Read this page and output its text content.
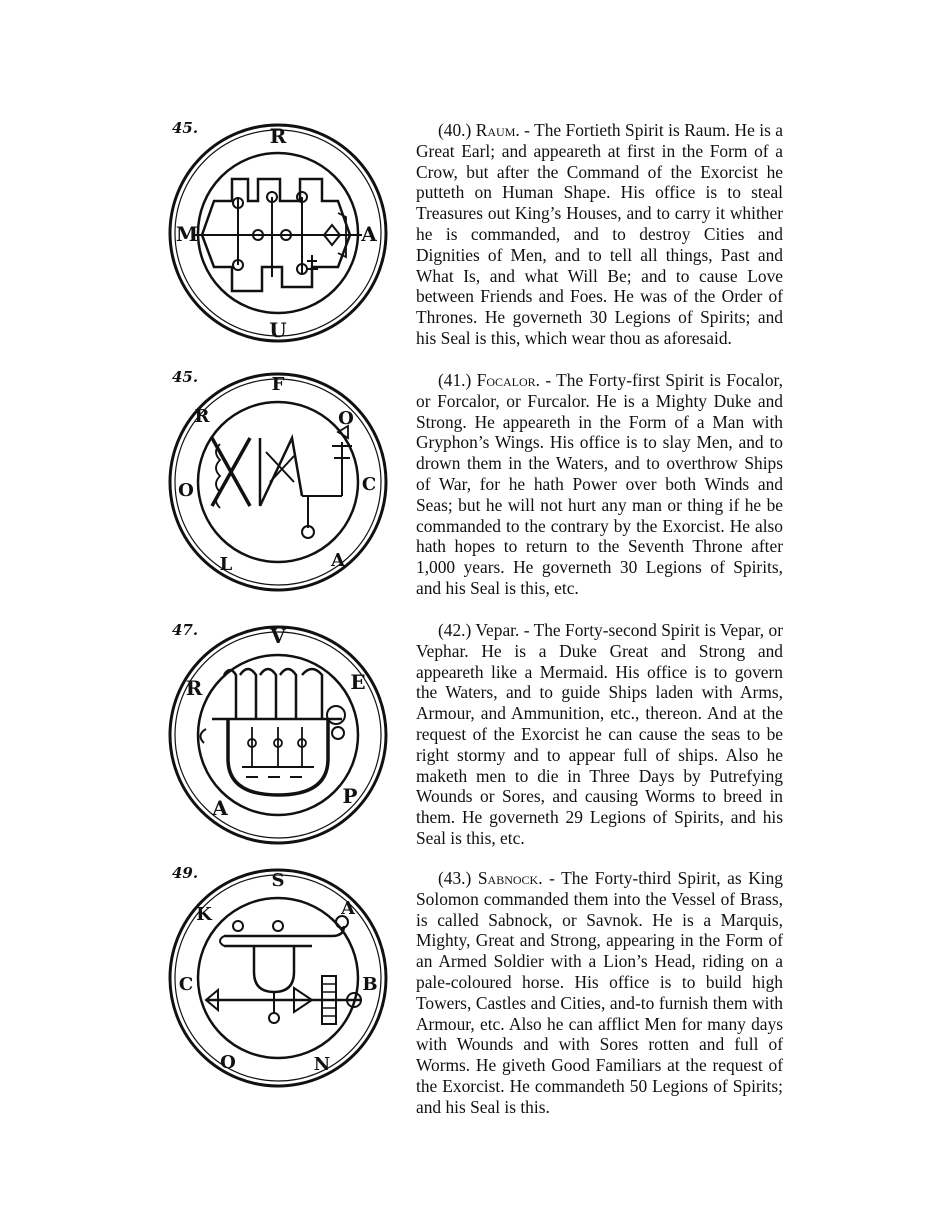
45.	R
A
U
M
45.	F
O
C
A
L
O
R
47.	V
E
P
A
R
49.	S
A
B
N
O
C
K

(40.) Raum. - The Fortieth Spirit is Raum. He is a Great Earl; and appeareth at first in the Form of a Crow, but after the Command of the Exorcist he putteth on Human Shape. His office is to steal Treasures out King’s Houses, and to carry it whither he is commanded, and to destroy Cities and Dignities of Men, and to tell all things, Past and What Is, and what Will Be; and to cause Love between Friends and Foes. He was of the Order of Thrones. He governeth 30 Legions of Spirits; and his Seal is this, which wear thou as aforesaid.

(41.) Focalor. - The Forty-first Spirit is Focalor, or Forcalor, or Furcalor. He is a Mighty Duke and Strong. He appeareth in the Form of a Man with Gryphon’s Wings. His office is to slay Men, and to drown them in the Waters, and to overthrow Ships of War, for he hath Power over both Winds and Seas; but he will not hurt any man or thing if he be commanded to the contrary by the Exorcist. He also hath hopes to return to the Seventh Throne after 1,000 years. He governeth 30 Legions of Spirits, and his Seal is this, etc.

(42.) Vepar. - The Forty-second Spirit is Vepar, or Vephar. He is a Duke Great and Strong and appeareth like a Mermaid. His office is to govern the Waters, and to guide Ships laden with Arms, Armour, and Ammunition, etc., thereon. And at the request of the Exorcist he can cause the seas to be right stormy and to appear full of ships. Also he maketh men to die in Three Days by Putrefying Wounds or Sores, and causing Worms to breed in them. He governeth 29 Legions of Spirits, and his Seal is this, etc.

(43.) Sabnock. - The Forty-third Spirit, as King Solomon commanded them into the Vessel of Brass, is called Sabnock, or Savnok. He is a Marquis, Mighty, Great and Strong, appearing in the Form of an Armed Soldier with a Lion’s Head, riding on a pale-coloured horse. His office is to build high Towers, Castles and Cities, and-to furnish them with Armour, etc. Also he can afflict Men for many days with Wounds and with Sores rotten and full of Worms. He giveth Good Familiars at the request of the Exorcist. He commandeth 50 Legions of Spirits; and his Seal is this.
